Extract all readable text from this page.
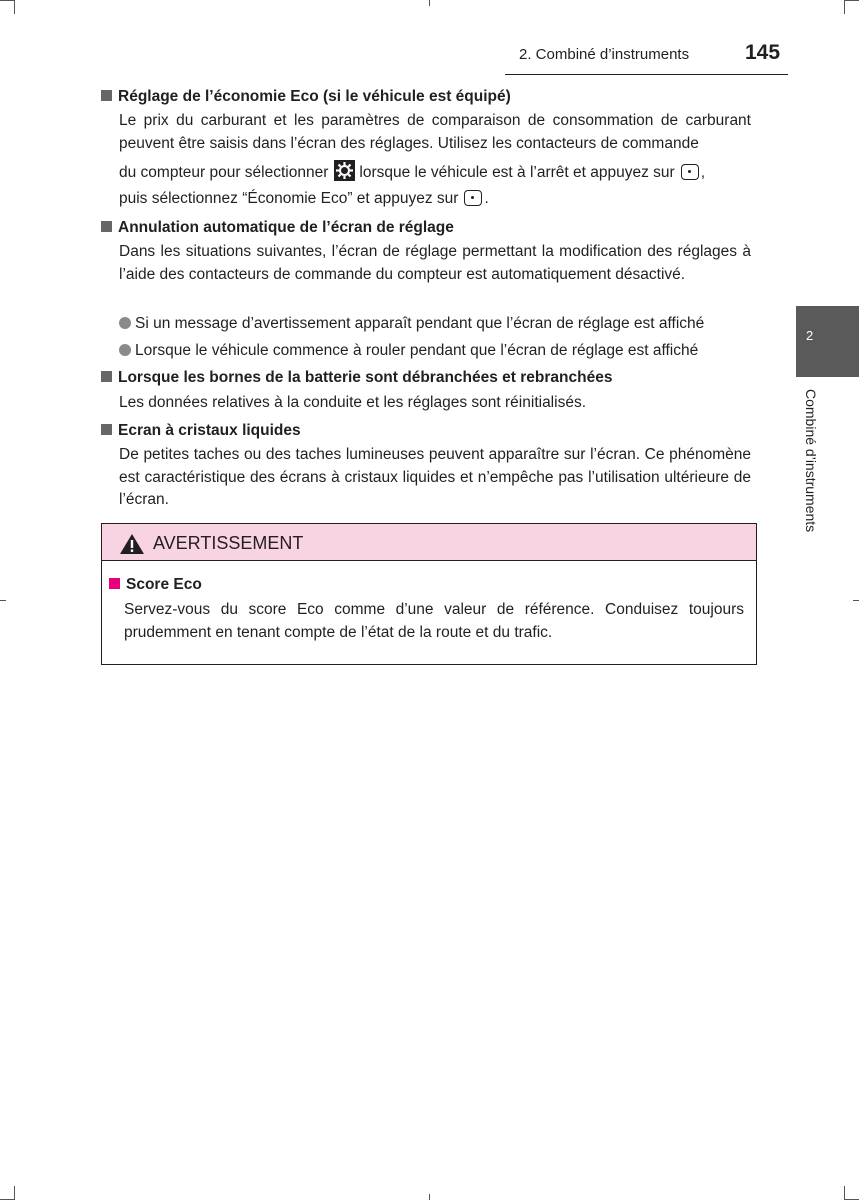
2. Combiné d’instruments	145
2
Combiné d’instruments
Réglage de l’économie Eco (si le véhicule est équipé)
Le prix du carburant et les paramètres de comparaison de consommation de carburant peuvent être saisis dans l’écran des réglages. Utilisez les contacteurs de commande
du compteur pour sélectionner lorsque le véhicule est à l’arrêt et appuyez sur ,
puis sélectionnez “Économie Eco” et appuyez sur .
Annulation automatique de l’écran de réglage
Dans les situations suivantes, l’écran de réglage permettant la modification des réglages à l’aide des contacteurs de commande du compteur est automatiquement désactivé.
Si un message d’avertissement apparaît pendant que l’écran de réglage est affiché
Lorsque le véhicule commence à rouler pendant que l’écran de réglage est affiché
Lorsque les bornes de la batterie sont débranchées et rebranchées
Les données relatives à la conduite et les réglages sont réinitialisés.
Ecran à cristaux liquides
De petites taches ou des taches lumineuses peuvent apparaître sur l’écran. Ce phénomène est caractéristique des écrans à cristaux liquides et n’empêche pas l’utilisation ultérieure de l’écran.
AVERTISSEMENT
Score Eco
Servez-vous du score Eco comme d’une valeur de référence. Conduisez toujours prudemment en tenant compte de l’état de la route et du trafic.
